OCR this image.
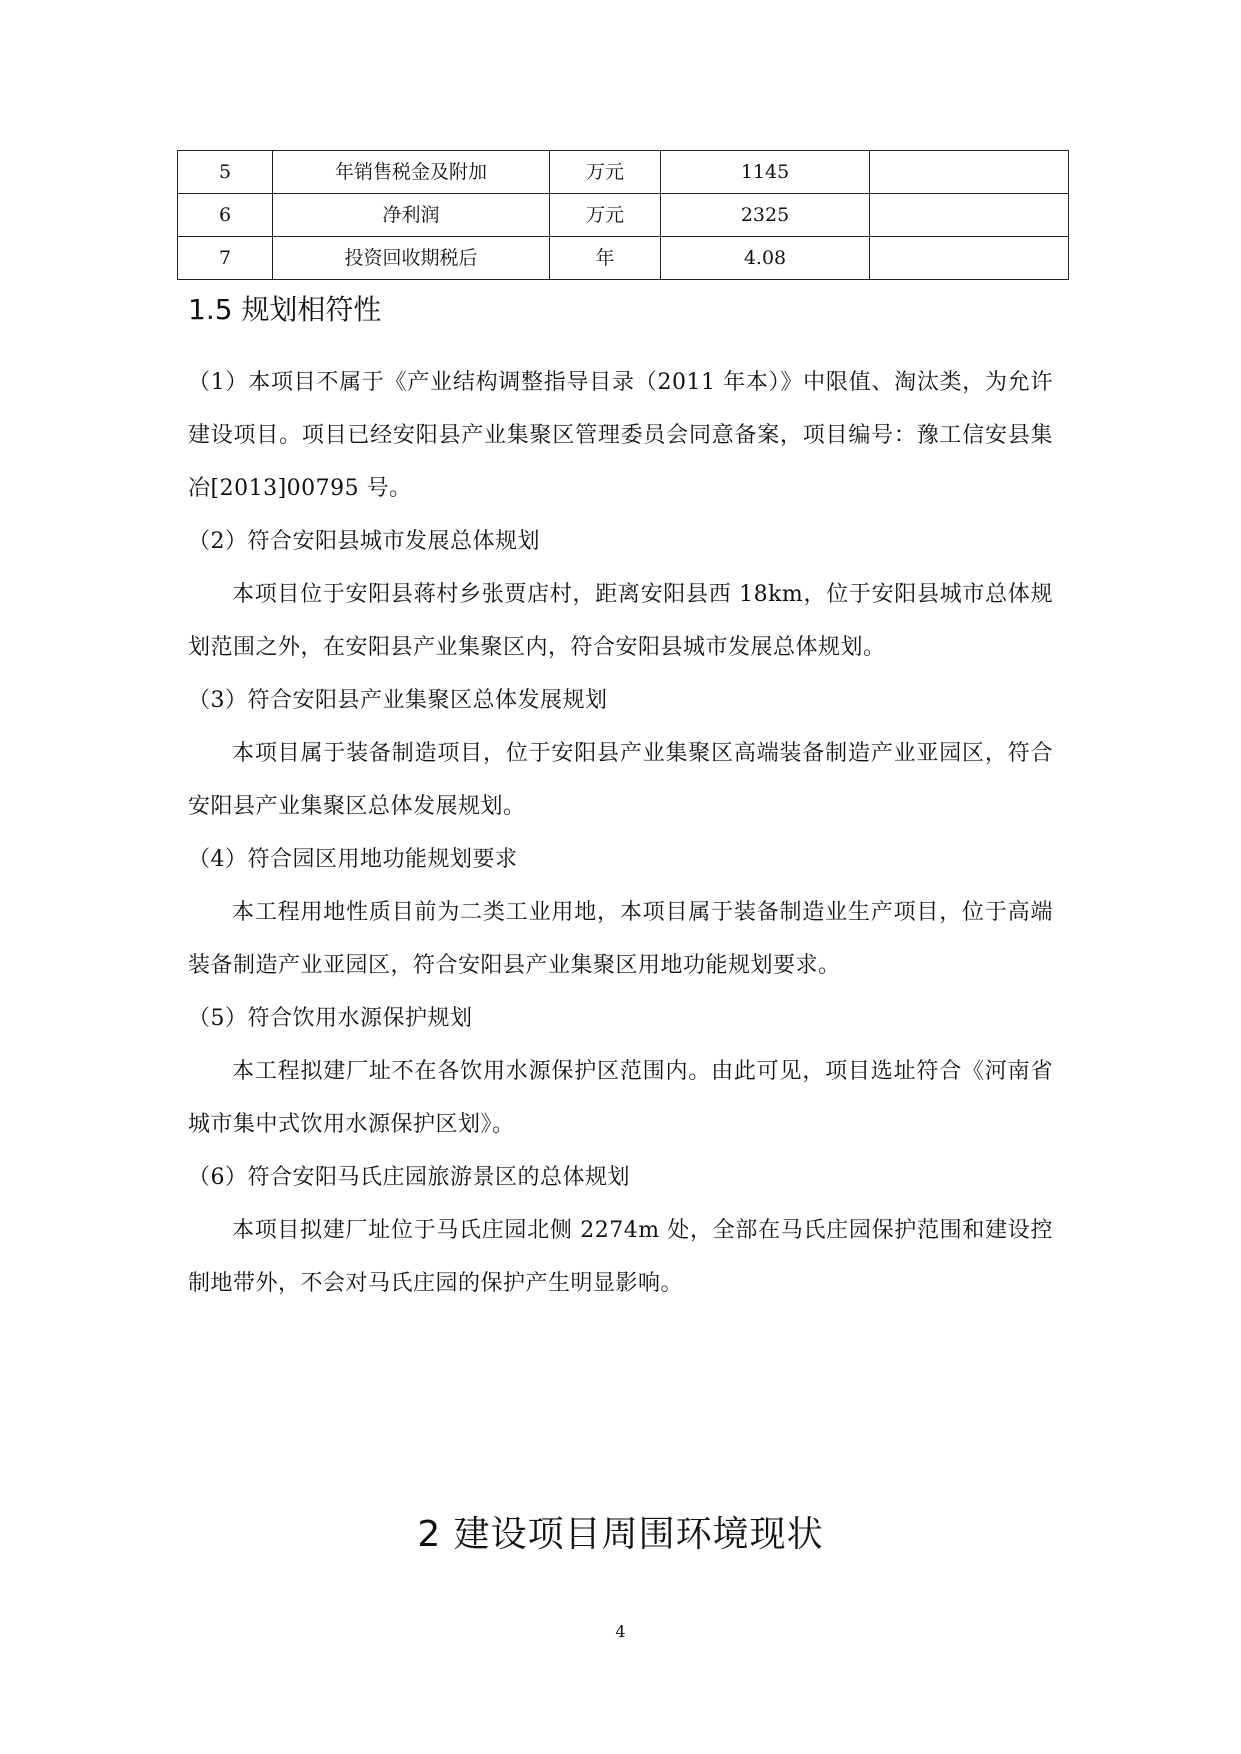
5	年销售税金及附加	万元	1145	
6	净利润	万元	2325	
7	投资回收期税后	年	4.08	
1.5 规划相符性

（1）本项目不属于《产业结构调整指导目录（2011 年本）》中限值、淘汰类，为允许建设项目。项目已经安阳县产业集聚区管理委员会同意备案，项目编号：豫工信安县集冶[2013]00795 号。

（2）符合安阳县城市发展总体规划

本项目位于安阳县蒋村乡张贾店村，距离安阳县西 18km，位于安阳县城市总体规划范围之外，在安阳县产业集聚区内，符合安阳县城市发展总体规划。

（3）符合安阳县产业集聚区总体发展规划

本项目属于装备制造项目，位于安阳县产业集聚区高端装备制造产业亚园区，符合安阳县产业集聚区总体发展规划。

（4）符合园区用地功能规划要求

本工程用地性质目前为二类工业用地，本项目属于装备制造业生产项目，位于高端装备制造产业亚园区，符合安阳县产业集聚区用地功能规划要求。

（5）符合饮用水源保护规划

本工程拟建厂址不在各饮用水源保护区范围内。由此可见，项目选址符合《河南省城市集中式饮用水源保护区划》。

（6）符合安阳马氏庄园旅游景区的总体规划

本项目拟建厂址位于马氏庄园北侧 2274m 处，全部在马氏庄园保护范围和建设控制地带外，不会对马氏庄园的保护产生明显影响。

2 建设项目周围环境现状
4
